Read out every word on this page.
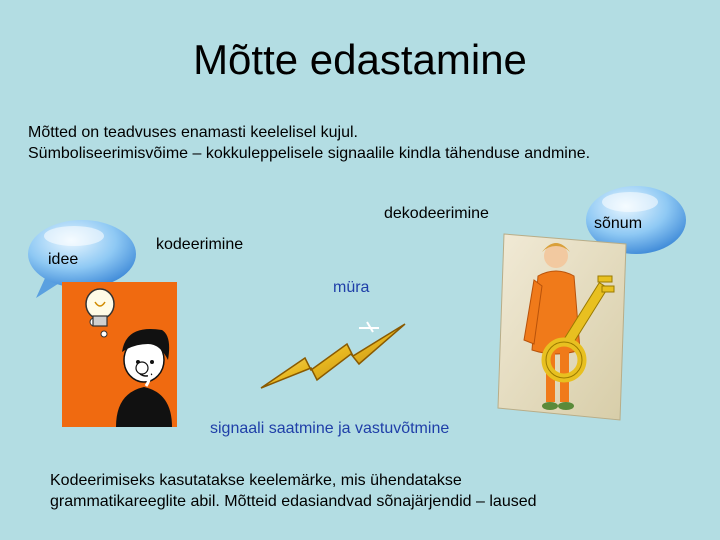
Mõtte edastamine
Mõtted on teadvuses enamasti keelelisel kujul.
Sümboliseerimisvõime – kokkuleppelisele signaalile kindla tähenduse andmine.
idee
sõnum
kodeerimine
dekodeerimine
müra
signaali saatmine ja vastuvõtmine
Kodeerimiseks kasutatakse keelemärke, mis ühendatakse
grammatikareeglite abil. Mõtteid edasiandvad sõnajärjendid – laused
